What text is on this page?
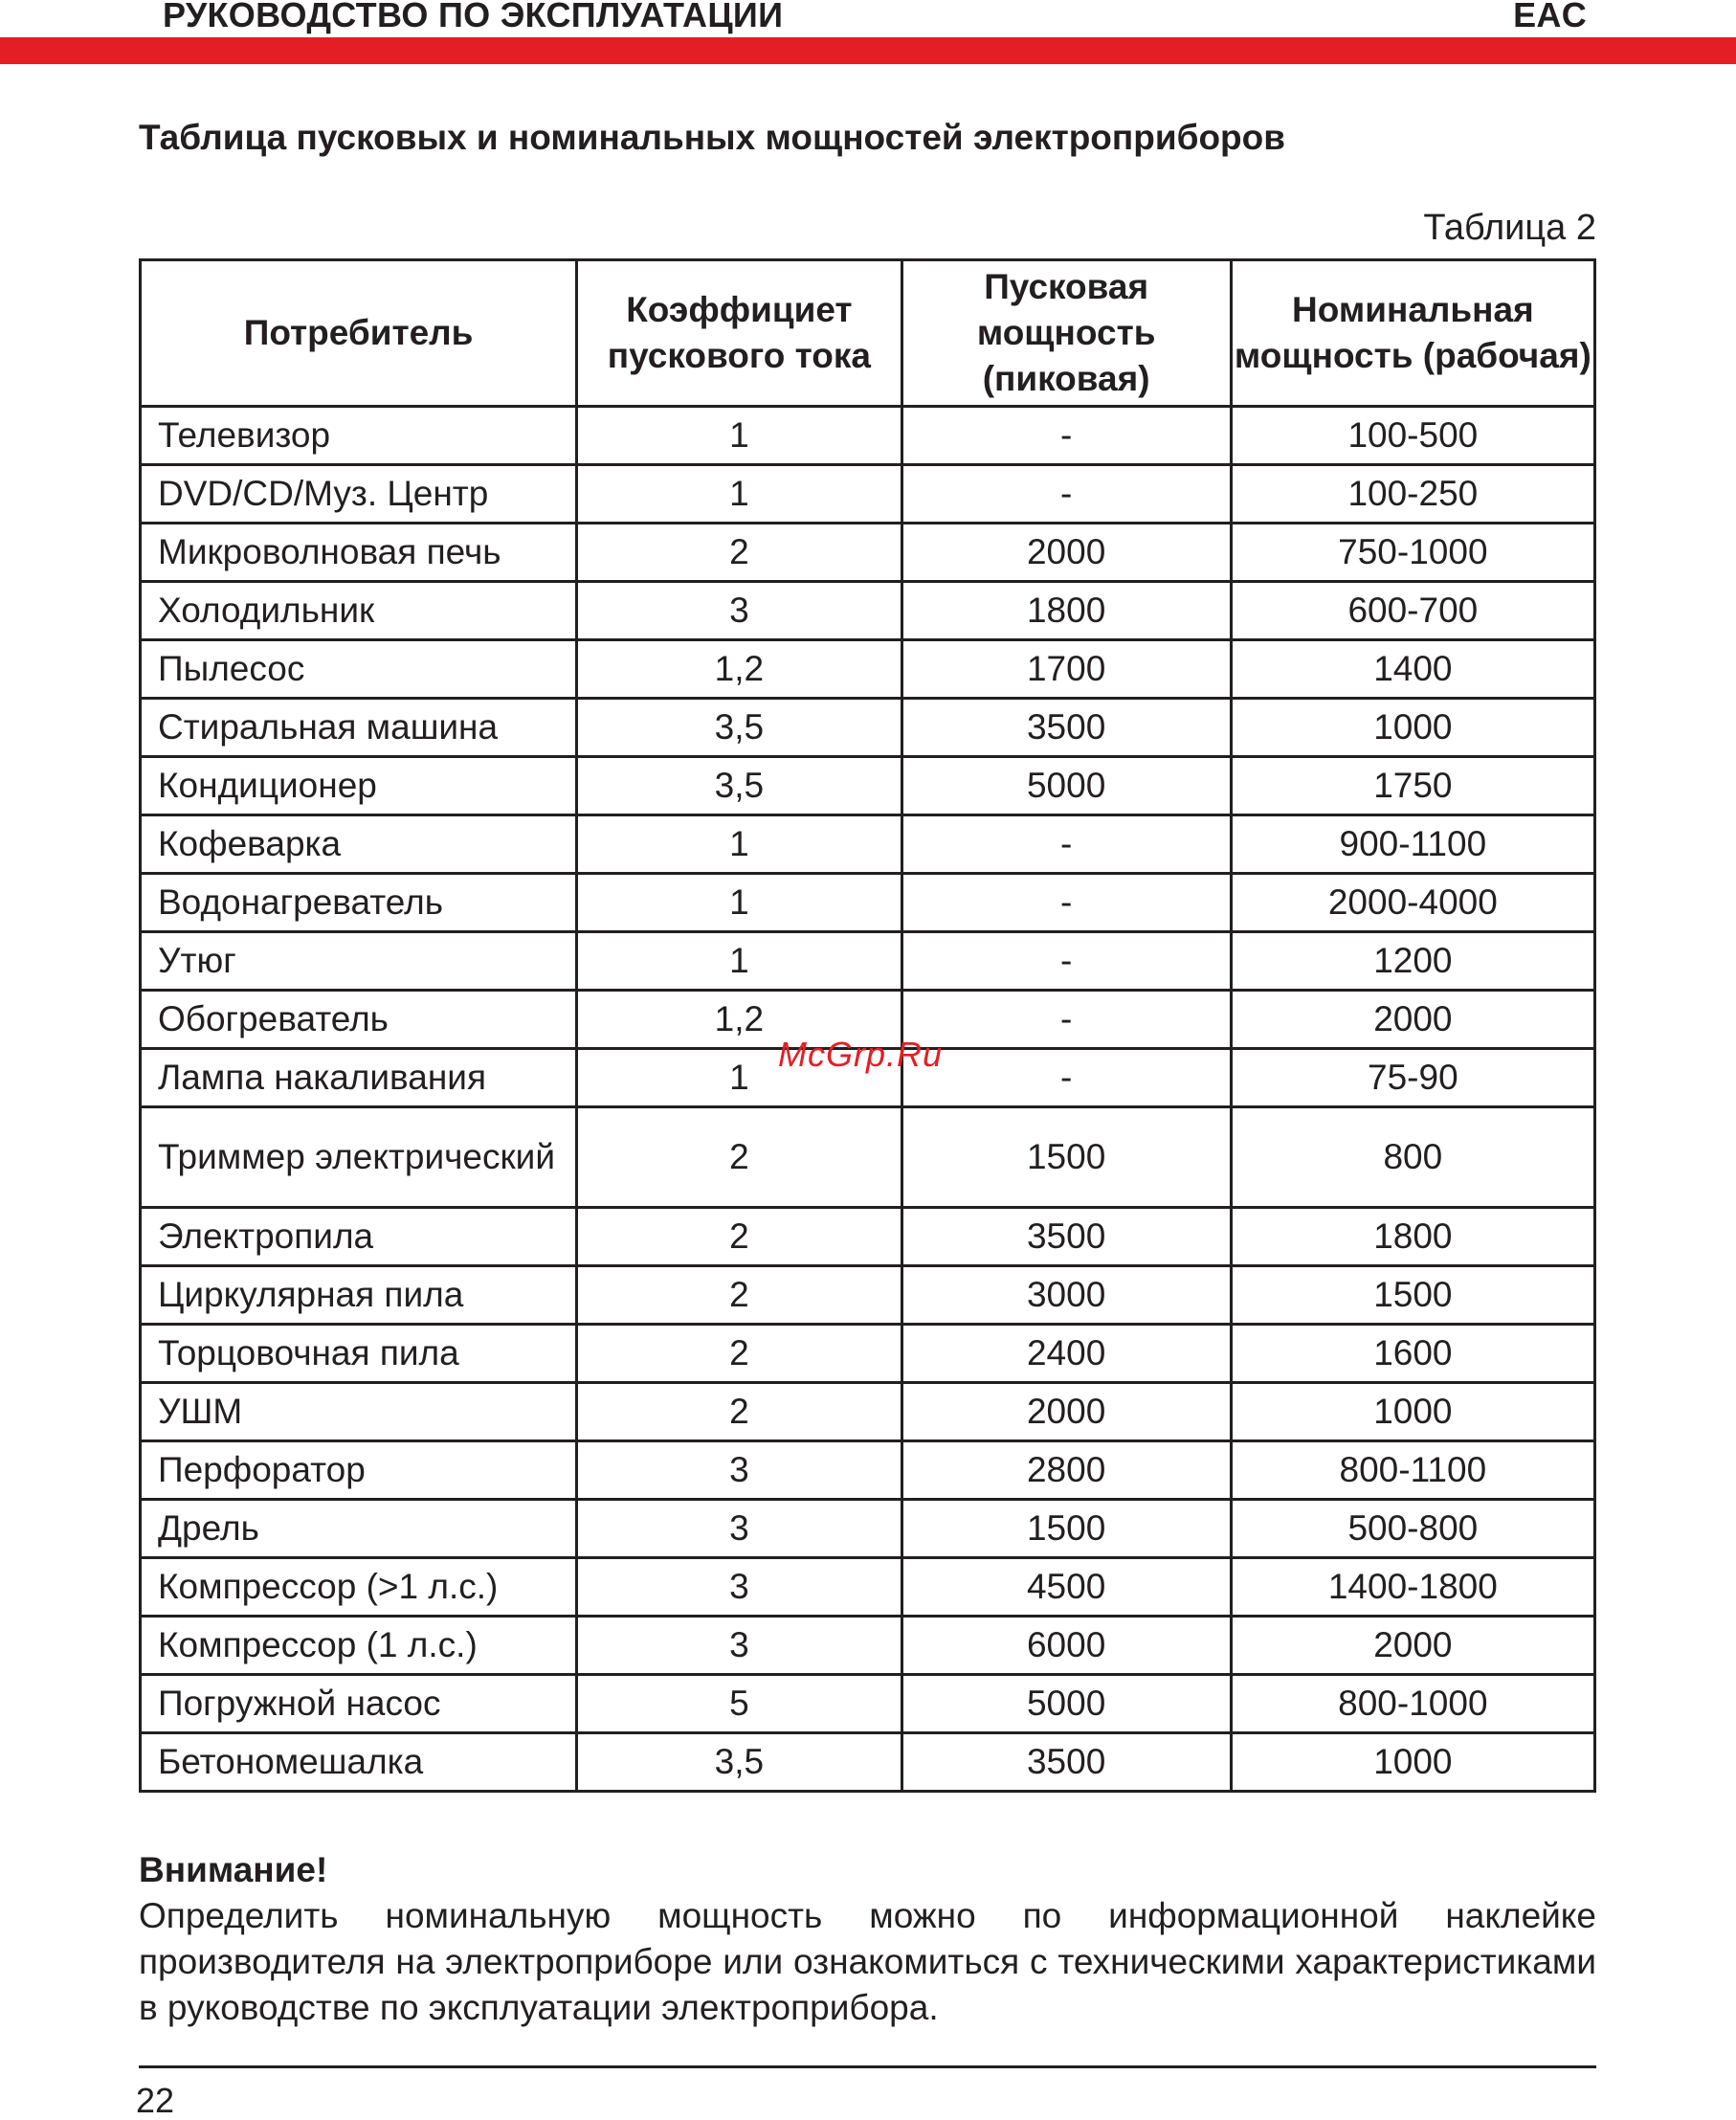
РУКОВОДСТВО ПО ЭКСПЛУАТАЦИИ	EAC
Таблица пусковых и номинальных мощностей электроприборов
Таблица 2
Потребитель	Коэффициет пускового тока	Пусковая мощность (пиковая)	Номинальная мощность (рабочая)
Телевизор	1	-	100-500
DVD/CD/Муз. Центр	1	-	100-250
Микроволновая печь	2	2000	750-1000
Холодильник	3	1800	600-700
Пылесос	1,2	1700	1400
Стиральная машина	3,5	3500	1000
Кондиционер	3,5	5000	1750
Кофеварка	1	-	900-1100
Водонагреватель	1	-	2000-4000
Утюг	1	-	1200
Обогреватель	1,2	-	2000
Лампа накаливания	1	-	75-90
Триммер электрический	2	1500	800
Электропила	2	3500	1800
Циркулярная пила	2	3000	1500
Торцовочная пила	2	2400	1600
УШМ	2	2000	1000
Перфоратор	3	2800	800-1100
Дрель	3	1500	500-800
Компрессор (>1 л.с.)	3	4500	1400-1800
Компрессор (1 л.с.)	3	6000	2000
Погружной насос	5	5000	800-1000
Бетономешалка	3,5	3500	1000
McGrp.Ru
Внимание!
Определить номинальную мощность можно по информационной наклейке производителя на электроприборе или ознакомиться с техническими характеристиками в руководстве по эксплуатации электроприбора.
22
